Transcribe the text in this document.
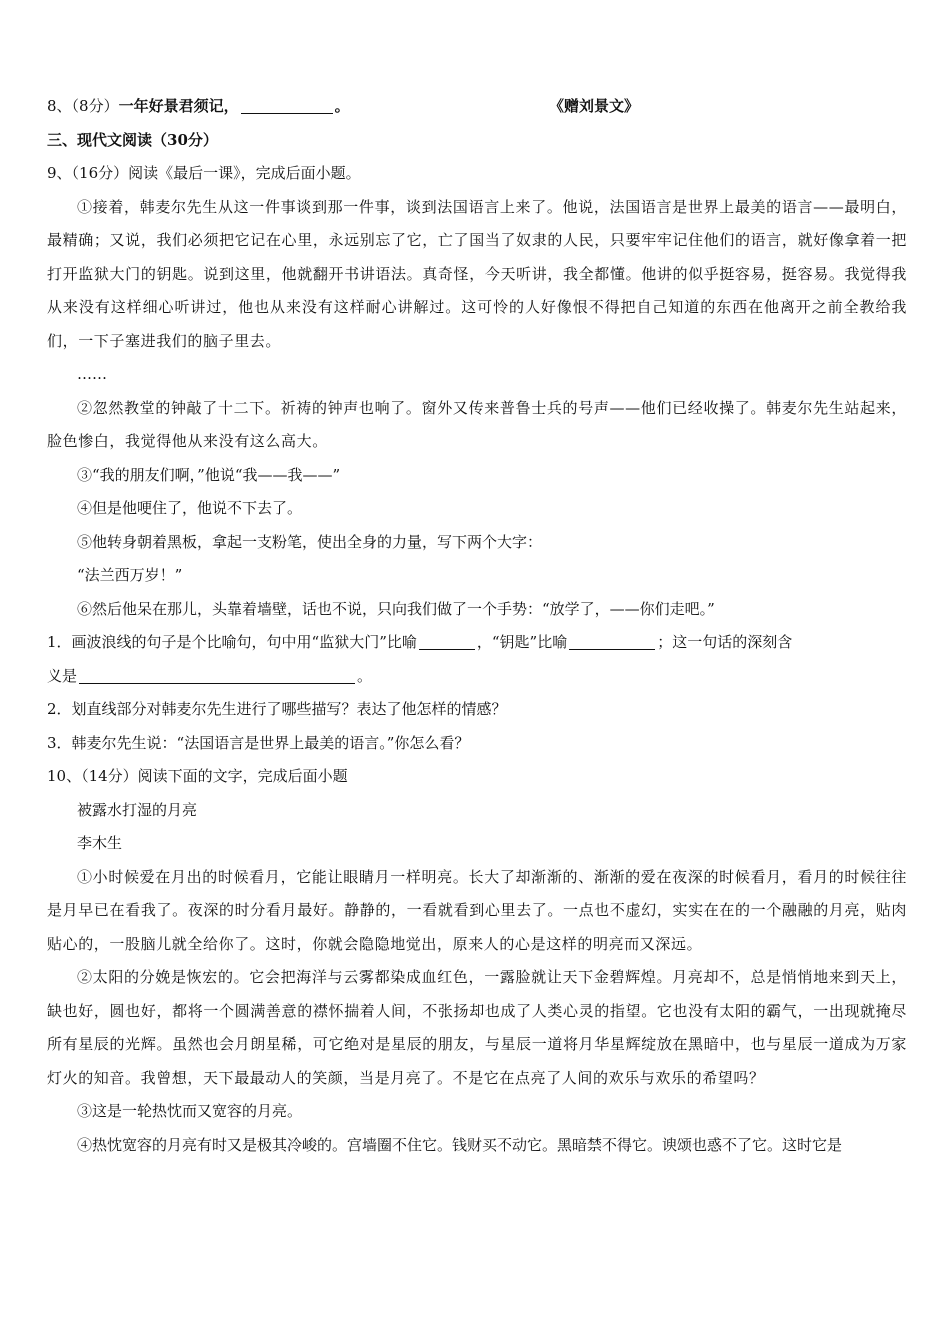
8、（8分）一年好景君须记，	。	《赠刘景文》
三、现代文阅读（30分）
9、（16分）阅读《最后一课》，完成后面小题。
①接着，韩麦尔先生从这一件事谈到那一件事，谈到法国语言上来了。他说，法国语言是世界上最美的语言——最明白，最精确；又说，我们必须把它记在心里，永远别忘了它，亡了国当了奴隶的人民，只要牢牢记住他们的语言，就好像拿着一把打开监狱大门的钥匙。说到这里，他就翻开书讲语法。真奇怪，今天听讲，我全都懂。他讲的似乎挺容易，挺容易。我觉得我从来没有这样细心听讲过，他也从来没有这样耐心讲解过。这可怜的人好像恨不得把自己知道的东西在他离开之前全教给我们，一下子塞进我们的脑子里去。
……
②忽然教堂的钟敲了十二下。祈祷的钟声也响了。窗外又传来普鲁士兵的号声——他们已经收操了。韩麦尔先生站起来，脸色惨白，我觉得他从来没有这么高大。
③“我的朋友们啊，”他说“我——我——”
④但是他哽住了，他说不下去了。
⑤他转身朝着黑板，拿起一支粉笔，使出全身的力量，写下两个大字：
“法兰西万岁！”
⑥然后他呆在那儿，头靠着墙壁，话也不说，只向我们做了一个手势：“放学了，——你们走吧。”
1．画波浪线的句子是个比喻句，句中用“监狱大门”比喻	，“钥匙”比喻	；这一句话的深刻含
义是	。
2．划直线部分对韩麦尔先生进行了哪些描写？表达了他怎样的情感？
3．韩麦尔先生说：“法国语言是世界上最美的语言。”你怎么看？
10、（14分）阅读下面的文字，完成后面小题
被露水打湿的月亮
李木生
①小时候爱在月出的时候看月，它能让眼睛月一样明亮。长大了却渐渐的、渐渐的爱在夜深的时候看月，看月的时候往往是月早已在看我了。夜深的时分看月最好。静静的，一看就看到心里去了。一点也不虚幻，实实在在的一个融融的月亮，贴肉贴心的，一股脑儿就全给你了。这时，你就会隐隐地觉出，原来人的心是这样的明亮而又深远。
②太阳的分娩是恢宏的。它会把海洋与云雾都染成血红色，一露脸就让天下金碧辉煌。月亮却不，总是悄悄地来到天上，缺也好，圆也好，都将一个圆满善意的襟怀揣着人间，不张扬却也成了人类心灵的指望。它也没有太阳的霸气，一出现就掩尽所有星辰的光辉。虽然也会月朗星稀，可它绝对是星辰的朋友，与星辰一道将月华星辉绽放在黑暗中，也与星辰一道成为万家灯火的知音。我曾想，天下最最动人的笑颜，当是月亮了。不是它在点亮了人间的欢乐与欢乐的希望吗？
③这是一轮热忱而又宽容的月亮。
④热忱宽容的月亮有时又是极其冷峻的。宫墙圈不住它。钱财买不动它。黑暗禁不得它。谀颂也惑不了它。这时它是
